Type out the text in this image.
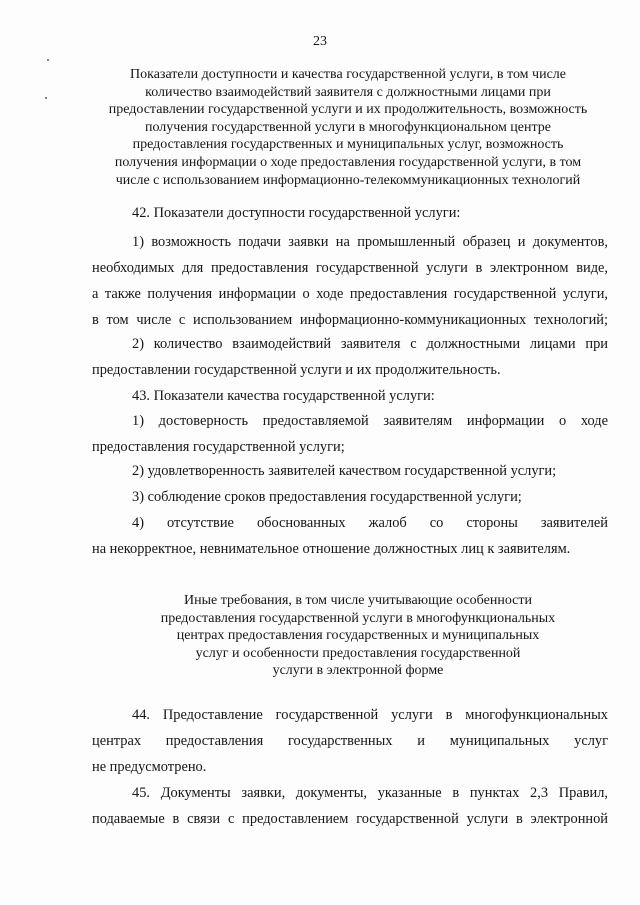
23
Показатели доступности и качества государственной услуги, в том числе
количество взаимодействий заявителя с должностными лицами при
предоставлении государственной услуги и их продолжительность, возможность
получения государственной услуги в многофункциональном центре
предоставления государственных и муниципальных услуг, возможность
получения информации о ходе предоставления государственной услуги, в том
числе с использованием информационно-телекоммуникационных технологий
42. Показатели доступности государственной услуги:
1) возможность подачи заявки на промышленный образец и документов,
необходимых для предоставления государственной услуги в электронном виде,
а также получения информации о ходе предоставления государственной услуги,
в том числе с использованием информационно-коммуникационных технологий;
2) количество взаимодействий заявителя с должностными лицами при
предоставлении государственной услуги и их продолжительность.
43. Показатели качества государственной услуги:
1) достоверность предоставляемой заявителям информации о ходе
предоставления государственной услуги;
2) удовлетворенность заявителей качеством государственной услуги;
3) соблюдение сроков предоставления государственной услуги;
4) отсутствие обоснованных жалоб со стороны заявителей
на некорректное, невнимательное отношение должностных лиц к заявителям.
Иные требования, в том числе учитывающие особенности
предоставления государственной услуги в многофункциональных
центрах предоставления государственных и муниципальных
услуг и особенности предоставления государственной
услуги в электронной форме
44. Предоставление государственной услуги в многофункциональных
центрах предоставления государственных и муниципальных услуг
не предусмотрено.
45. Документы заявки, документы, указанные в пунктах 2,3 Правил,
подаваемые в связи с предоставлением государственной услуги в электронной
